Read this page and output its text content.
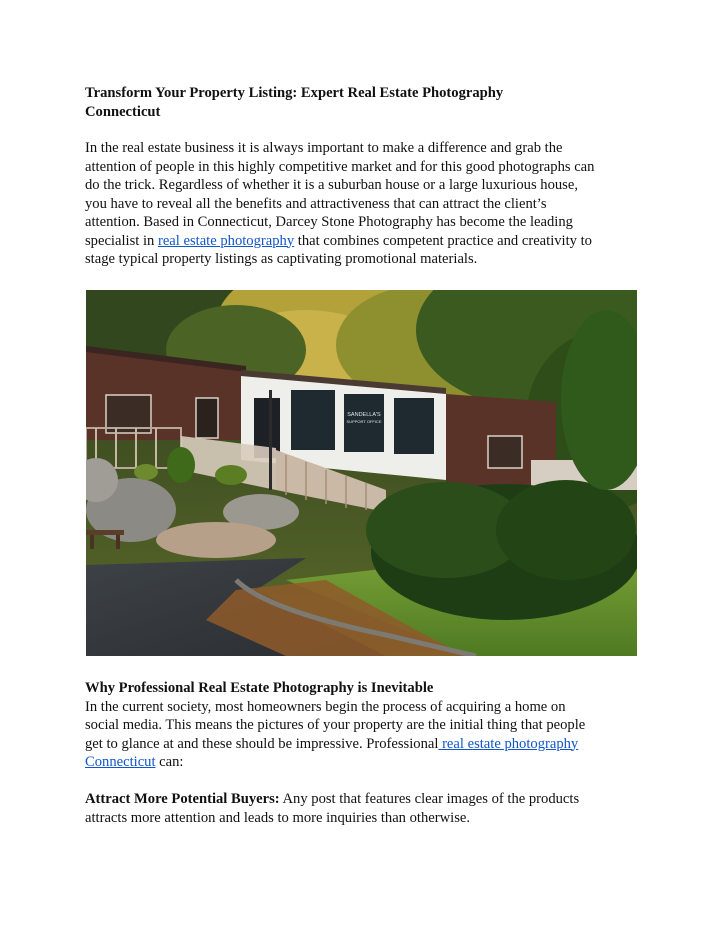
Transform Your Property Listing: Expert Real Estate Photography
Connecticut
In the real estate business it is always important to make a difference and grab the
attention of people in this highly competitive market and for this good photographs can
do the trick. Regardless of whether it is a suburban house or a large luxurious house,
you have to reveal all the benefits and attractiveness that can attract the client’s
attention. Based in Connecticut, Darcey Stone Photography has become the leading
specialist in real estate photography that combines competent practice and creativity to
stage typical property listings as captivating promotional materials.
SANDELLA'S
SUPPORT OFFICE
Why Professional Real Estate Photography is Inevitable
In the current society, most homeowners begin the process of acquiring a home on
social media. This means the pictures of your property are the initial thing that people
get to glance at and these should be impressive. Professional real estate photography
Connecticut can:
Attract More Potential Buyers: Any post that features clear images of the products
attracts more attention and leads to more inquiries than otherwise.
